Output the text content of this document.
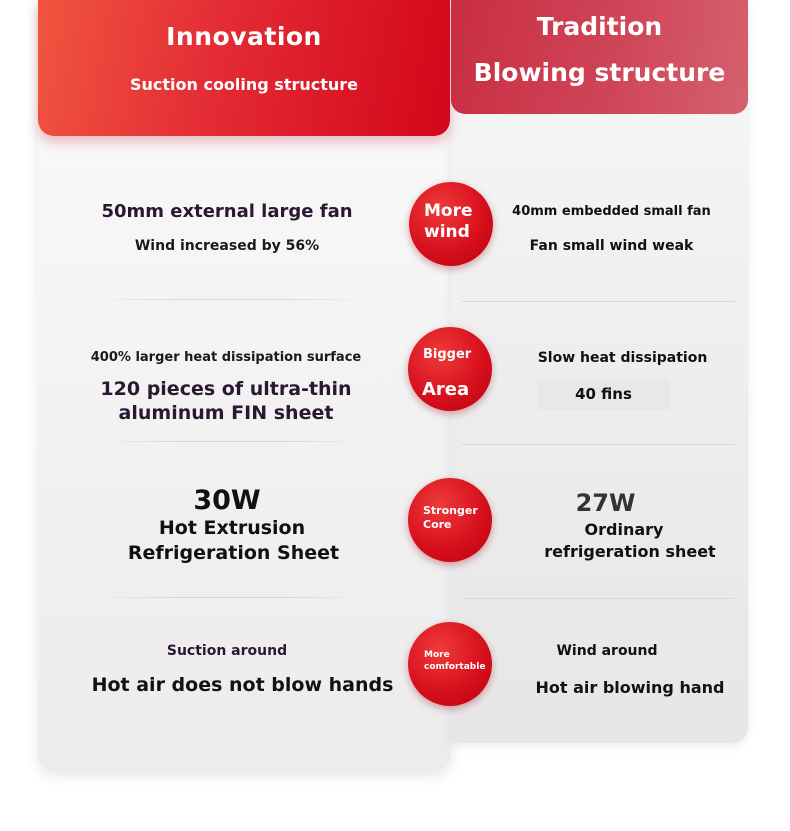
Innovation
Suction cooling structure
Tradition
Blowing structure
50mm external large fan
Wind increased by 56%
More
wind
40mm embedded small fan
Fan small wind weak
400% larger heat dissipation surface
120 pieces of ultra-thin
aluminum FIN sheet
Bigger
Area
Slow heat dissipation
40 fins
30W
Hot Extrusion
Refrigeration Sheet
Stronger
Core
27W
Ordinary
refrigeration sheet
Suction around
Hot air does not blow hands
More
comfortable
Wind around
Hot air blowing hand
